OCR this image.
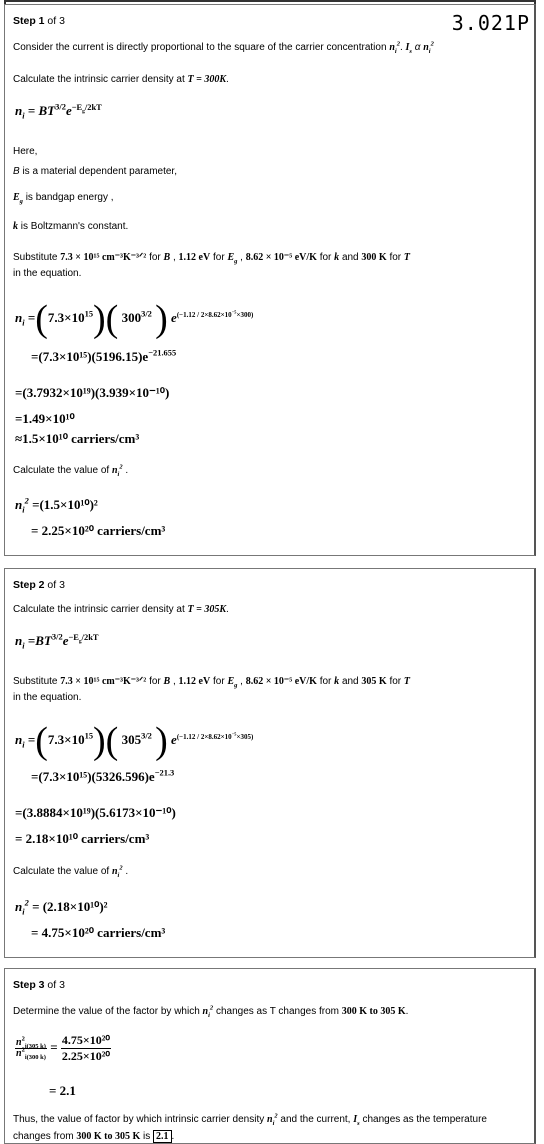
Step 1 of 3	3.021P
Consider the current is directly proportional to the square of the carrier concentration $n_i^2$. $I_s$ α $n_i^2$
Calculate the intrinsic carrier density at T = 300K.
$n_i = BT^{3/2}e^{-E_g/2kT}$
Here,
B is a material dependent parameter,
$E_g$ is bandgap energy ,
k is Boltzmann's constant.
Substitute 7.3 × 10¹⁵ cm⁻³K⁻³ᐟ² for B , 1.12 eV for $E_g$ , 8.62 × 10⁻⁵ eV/K for k and 300 K for T
in the equation.
$n_i =(7.3\times 10^{15})$( $300^{3/2}$ ) $e^{(-1.12 / 2\times 8.62\times 10^{-5}\times 300)}$
$=(7.3\times 10^{15})(5196.15)e^{-21.655}$
=(3.7932×10¹⁹)(3.939×10⁻¹⁰)
=1.49×10¹⁰
≈1.5×10¹⁰ carriers/cm³
Calculate the value of $n_i^2$ .
$n_i^2 =(1.5\times 10^{10})^2$
= 2.25×10²⁰ carriers/cm³
Step 2 of 3
Calculate the intrinsic carrier density at T = 305K.
$n_i =BT^{3/2}e^{-E_g/2kT}$
Substitute 7.3 × 10¹⁵ cm⁻³K⁻³ᐟ² for B , 1.12 eV for $E_g$ , 8.62 × 10⁻⁵ eV/K for k and 305 K for T
in the equation.
$n_i =(7.3\times 10^{15})$( $305^{3/2}$ ) $e^{(-1.12 / 2\times 8.62\times 10^{-5}\times 305)}$
$=(7.3\times 10^{15})(5326.596)e^{-21.3}$
=(3.8884×10¹⁹)(5.6173×10⁻¹⁰)
= 2.18×10¹⁰ carriers/cm³
Calculate the value of $n_i^2$ .
$n_i^2 = (2.18\times 10^{10})^2$
= 4.75×10²⁰ carriers/cm³
Step 3 of 3
Determine the value of the factor by which $n_i^2$ changes as T changes from 300 K to 305 K.
$\frac{n^2_{i(305 k)}}{n^2_{i(300 k)}} = \frac{\text{4.75×10²⁰}}{\text{2.25×10²⁰}}$
= 2.1
Thus, the value of factor by which intrinsic carrier density $n_i^2$ and the current, $I_s$ changes as the temperature
changes from 300 K to 305 K is 2.1 .
